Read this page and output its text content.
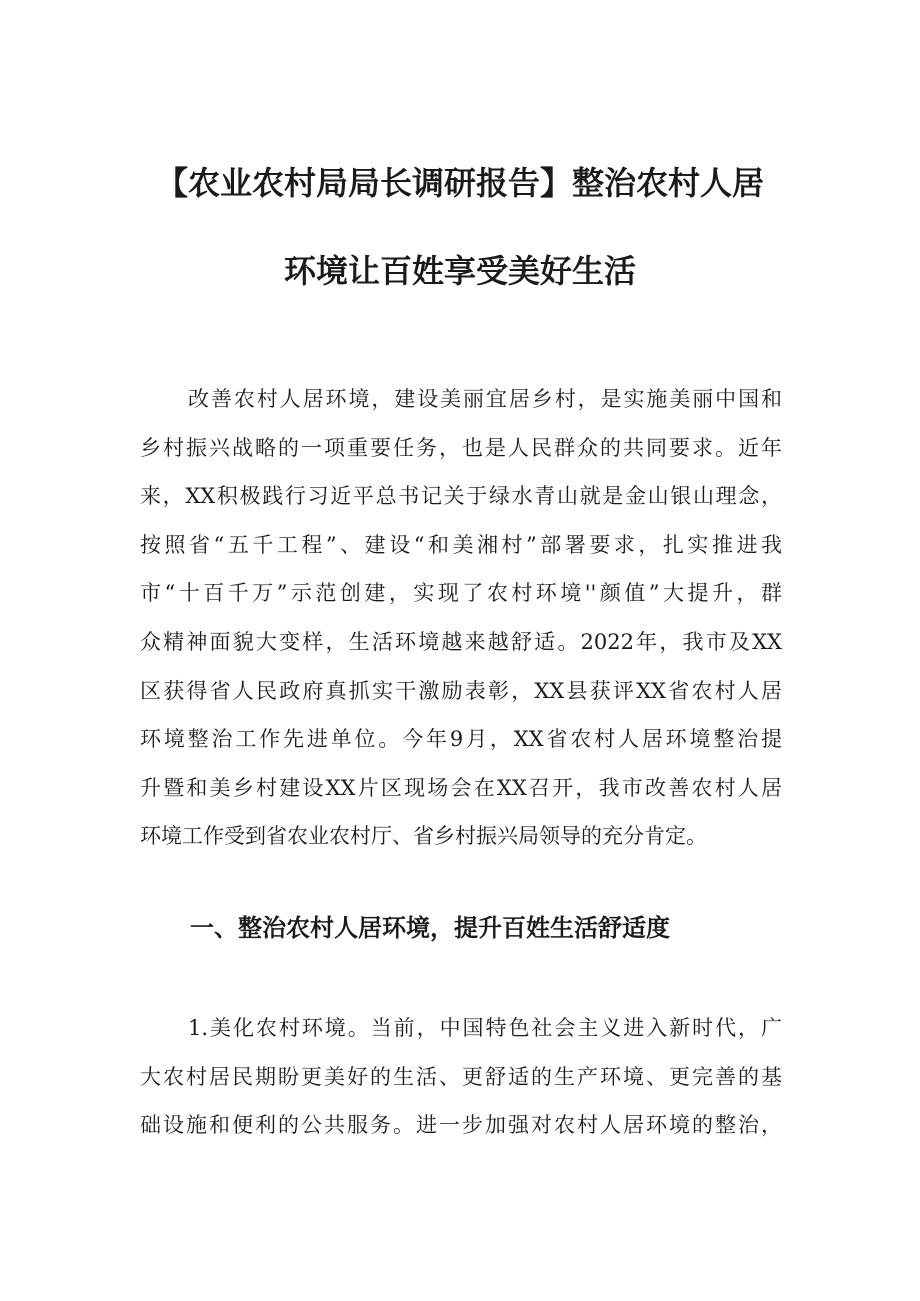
【农业农村局局长调研报告】整治农村人居
环境让百姓享受美好生活
改善农村人居环境，建设美丽宜居乡村，是实施美丽中国和
乡村振兴战略的一项重要任务，也是人民群众的共同要求。近年
来，XX积极践行习近平总书记关于绿水青山就是金山银山理念，
按照省“五千工程”、建设“和美湘村”部署要求，扎实推进我
市“十百千万”示范创建，实现了农村环境''颜值”大提升，群
众精神面貌大变样，生活环境越来越舒适。2022年，我市及XX
区获得省人民政府真抓实干激励表彰，XX县获评XX省农村人居
环境整治工作先进单位。今年9月，XX省农村人居环境整治提
升暨和美乡村建设XX片区现场会在XX召开，我市改善农村人居
环境工作受到省农业农村厅、省乡村振兴局领导的充分肯定。
一、整治农村人居环境，提升百姓生活舒适度
1.美化农村环境。当前，中国特色社会主义进入新时代，广
大农村居民期盼更美好的生活、更舒适的生产环境、更完善的基
础设施和便利的公共服务。进一步加强对农村人居环境的整治，
